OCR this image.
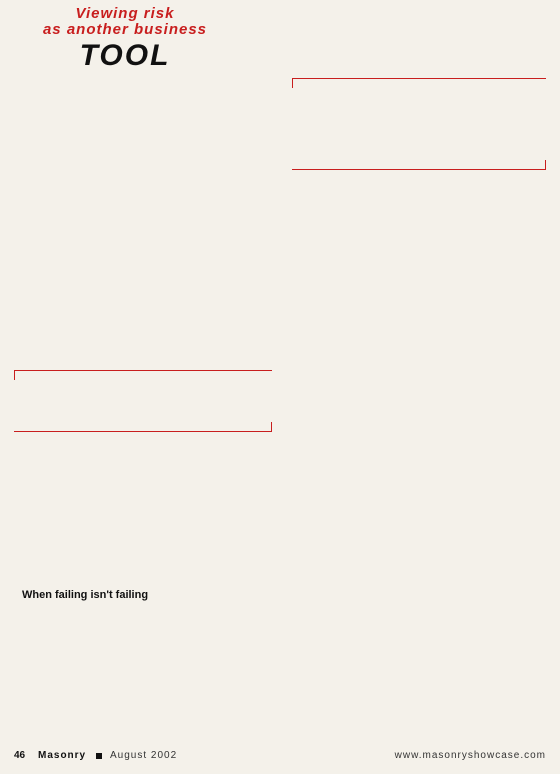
Viewing risk
as another business
TOOL
When failing isn't failing
46 Masonry August 2002	www.masonryshowcase.com
